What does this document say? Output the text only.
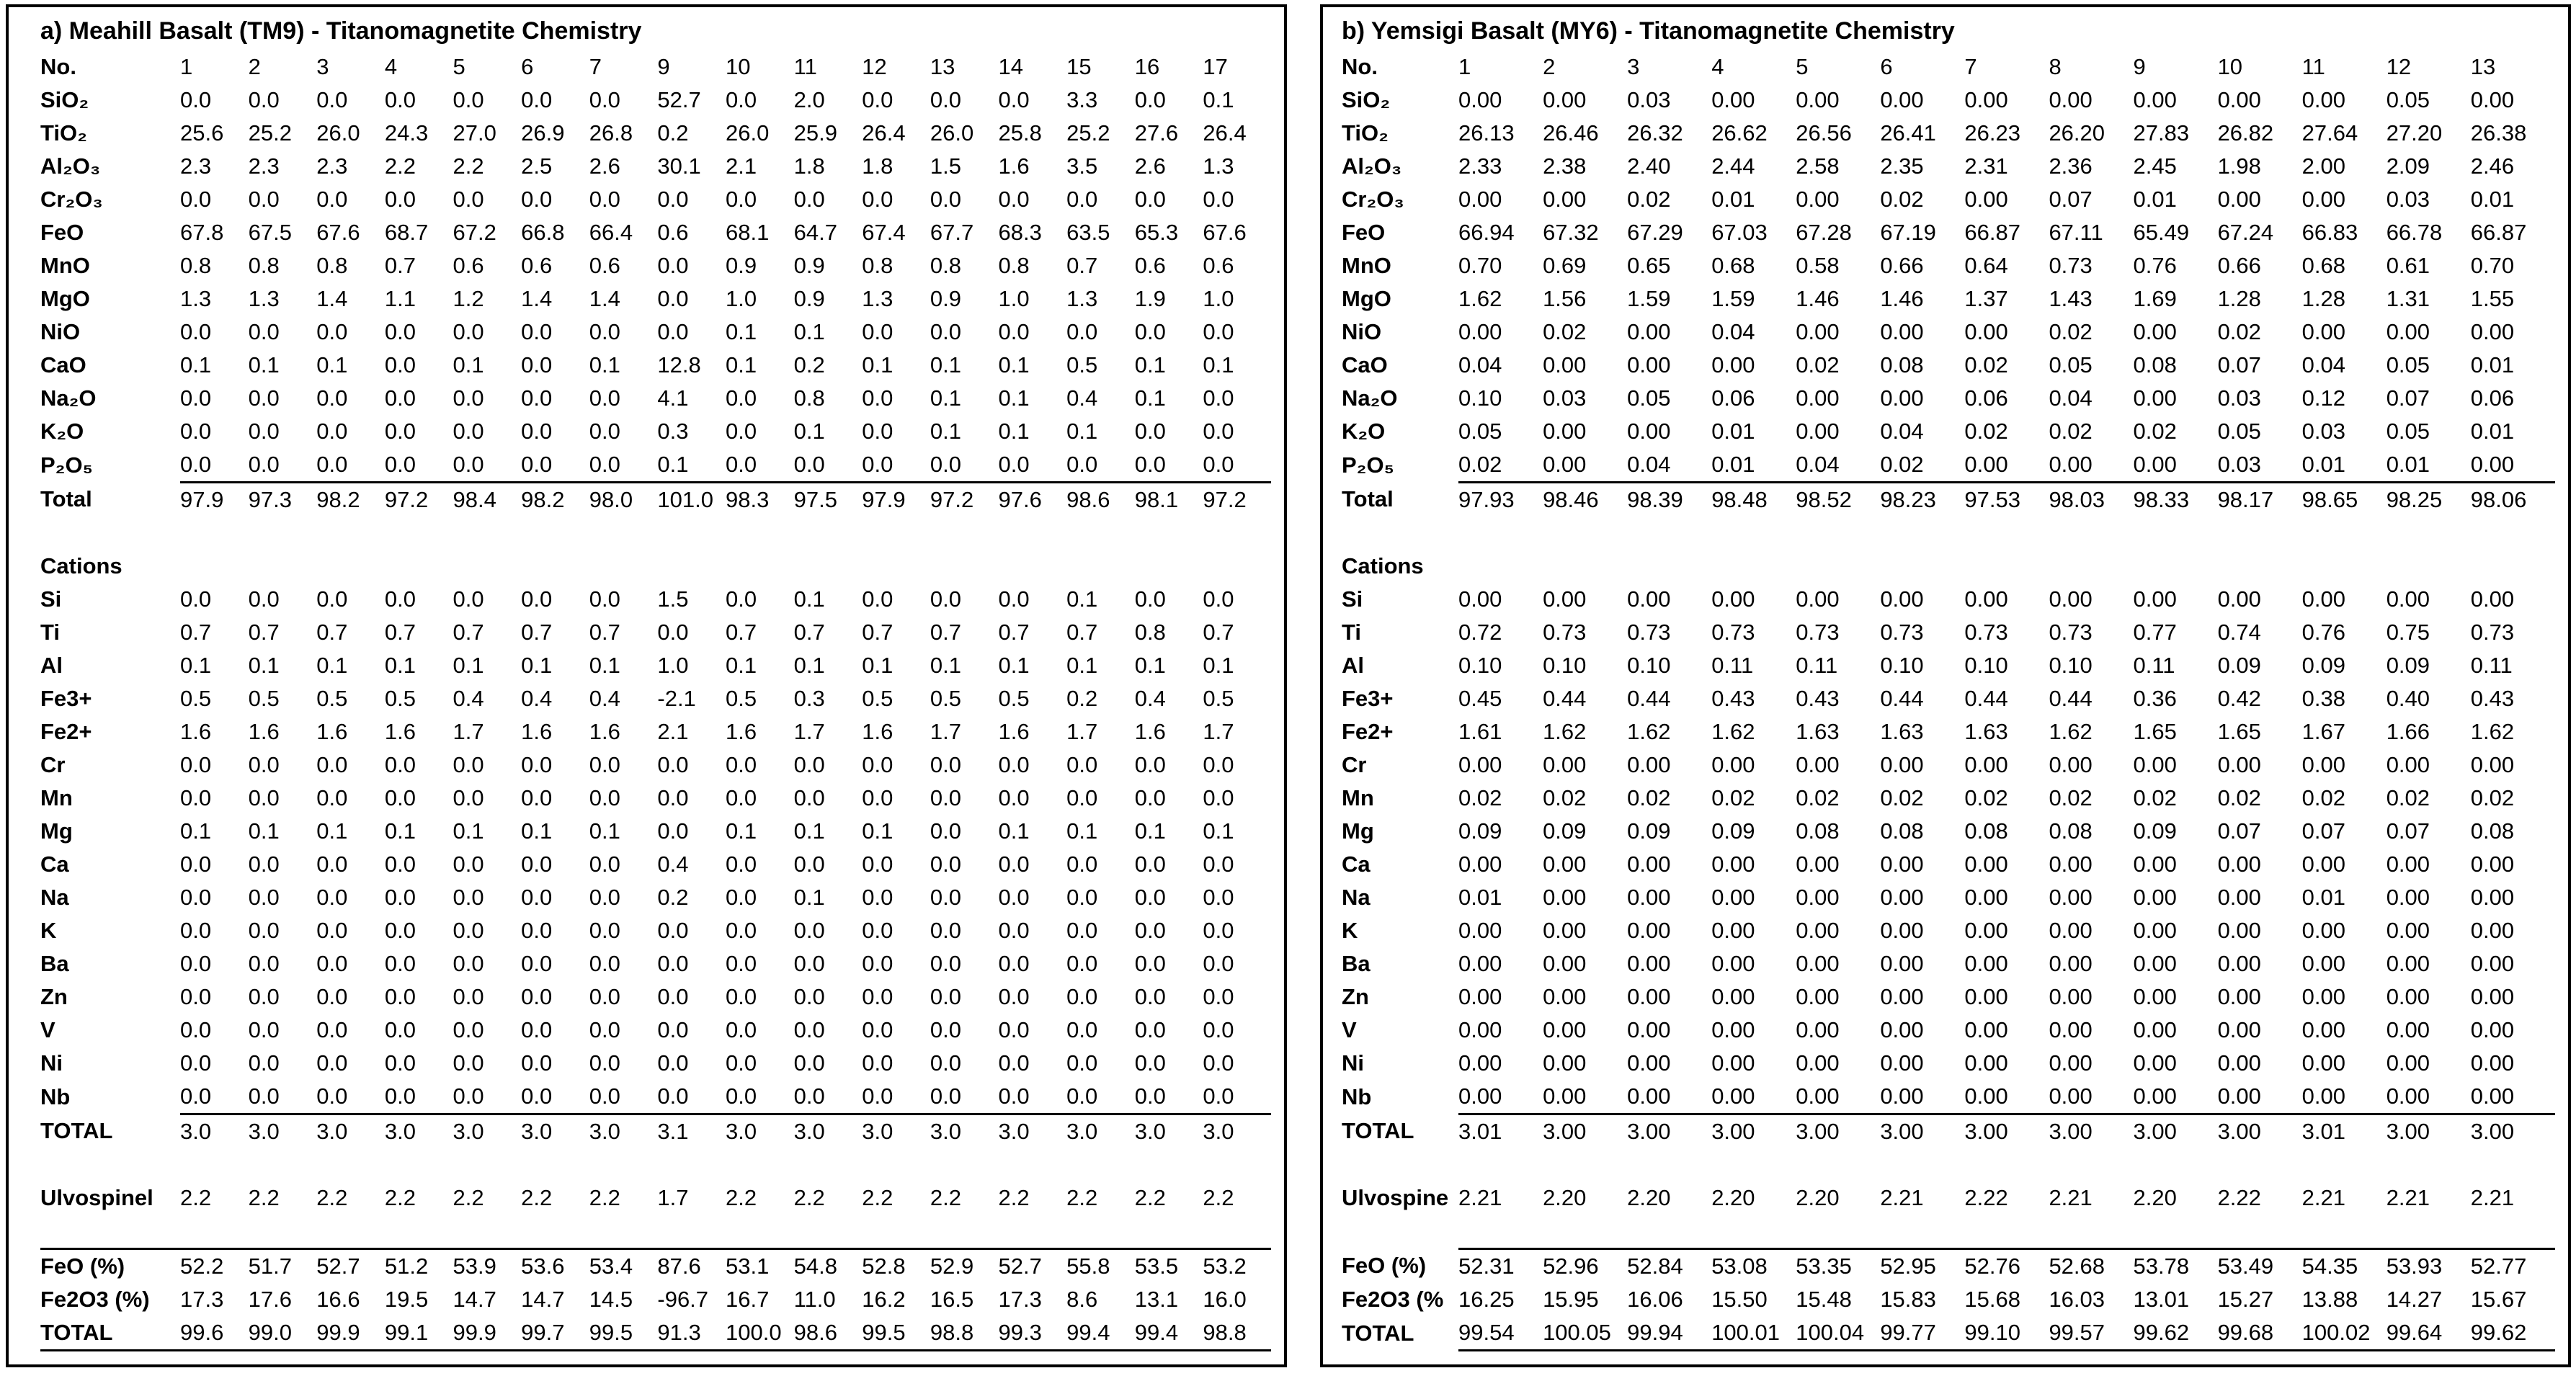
a) Meahill Basalt (TM9) - Titanomagnetite Chemistry
No.	1	2	3	4	5	6	7	9	10	11	12	13	14	15	16	17
SiO₂	0.0	0.0	0.0	0.0	0.0	0.0	0.0	52.7	0.0	2.0	0.0	0.0	0.0	3.3	0.0	0.1
TiO₂	25.6	25.2	26.0	24.3	27.0	26.9	26.8	0.2	26.0	25.9	26.4	26.0	25.8	25.2	27.6	26.4
Al₂O₃	2.3	2.3	2.3	2.2	2.2	2.5	2.6	30.1	2.1	1.8	1.8	1.5	1.6	3.5	2.6	1.3
Cr₂O₃	0.0	0.0	0.0	0.0	0.0	0.0	0.0	0.0	0.0	0.0	0.0	0.0	0.0	0.0	0.0	0.0
FeO	67.8	67.5	67.6	68.7	67.2	66.8	66.4	0.6	68.1	64.7	67.4	67.7	68.3	63.5	65.3	67.6
MnO	0.8	0.8	0.8	0.7	0.6	0.6	0.6	0.0	0.9	0.9	0.8	0.8	0.8	0.7	0.6	0.6
MgO	1.3	1.3	1.4	1.1	1.2	1.4	1.4	0.0	1.0	0.9	1.3	0.9	1.0	1.3	1.9	1.0
NiO	0.0	0.0	0.0	0.0	0.0	0.0	0.0	0.0	0.1	0.1	0.0	0.0	0.0	0.0	0.0	0.0
CaO	0.1	0.1	0.1	0.0	0.1	0.0	0.1	12.8	0.1	0.2	0.1	0.1	0.1	0.5	0.1	0.1
Na₂O	0.0	0.0	0.0	0.0	0.0	0.0	0.0	4.1	0.0	0.8	0.0	0.1	0.1	0.4	0.1	0.0
K₂O	0.0	0.0	0.0	0.0	0.0	0.0	0.0	0.3	0.0	0.1	0.0	0.1	0.1	0.1	0.0	0.0
P₂O₅	0.0	0.0	0.0	0.0	0.0	0.0	0.0	0.1	0.0	0.0	0.0	0.0	0.0	0.0	0.0	0.0
Total	97.9	97.3	98.2	97.2	98.4	98.2	98.0	101.0	98.3	97.5	97.9	97.2	97.6	98.6	98.1	97.2

Cations																
Si	0.0	0.0	0.0	0.0	0.0	0.0	0.0	1.5	0.0	0.1	0.0	0.0	0.0	0.1	0.0	0.0
Ti	0.7	0.7	0.7	0.7	0.7	0.7	0.7	0.0	0.7	0.7	0.7	0.7	0.7	0.7	0.8	0.7
Al	0.1	0.1	0.1	0.1	0.1	0.1	0.1	1.0	0.1	0.1	0.1	0.1	0.1	0.1	0.1	0.1
Fe3+	0.5	0.5	0.5	0.5	0.4	0.4	0.4	-2.1	0.5	0.3	0.5	0.5	0.5	0.2	0.4	0.5
Fe2+	1.6	1.6	1.6	1.6	1.7	1.6	1.6	2.1	1.6	1.7	1.6	1.7	1.6	1.7	1.6	1.7
Cr	0.0	0.0	0.0	0.0	0.0	0.0	0.0	0.0	0.0	0.0	0.0	0.0	0.0	0.0	0.0	0.0
Mn	0.0	0.0	0.0	0.0	0.0	0.0	0.0	0.0	0.0	0.0	0.0	0.0	0.0	0.0	0.0	0.0
Mg	0.1	0.1	0.1	0.1	0.1	0.1	0.1	0.0	0.1	0.1	0.1	0.0	0.1	0.1	0.1	0.1
Ca	0.0	0.0	0.0	0.0	0.0	0.0	0.0	0.4	0.0	0.0	0.0	0.0	0.0	0.0	0.0	0.0
Na	0.0	0.0	0.0	0.0	0.0	0.0	0.0	0.2	0.0	0.1	0.0	0.0	0.0	0.0	0.0	0.0
K	0.0	0.0	0.0	0.0	0.0	0.0	0.0	0.0	0.0	0.0	0.0	0.0	0.0	0.0	0.0	0.0
Ba	0.0	0.0	0.0	0.0	0.0	0.0	0.0	0.0	0.0	0.0	0.0	0.0	0.0	0.0	0.0	0.0
Zn	0.0	0.0	0.0	0.0	0.0	0.0	0.0	0.0	0.0	0.0	0.0	0.0	0.0	0.0	0.0	0.0
V	0.0	0.0	0.0	0.0	0.0	0.0	0.0	0.0	0.0	0.0	0.0	0.0	0.0	0.0	0.0	0.0
Ni	0.0	0.0	0.0	0.0	0.0	0.0	0.0	0.0	0.0	0.0	0.0	0.0	0.0	0.0	0.0	0.0
Nb	0.0	0.0	0.0	0.0	0.0	0.0	0.0	0.0	0.0	0.0	0.0	0.0	0.0	0.0	0.0	0.0
TOTAL	3.0	3.0	3.0	3.0	3.0	3.0	3.0	3.1	3.0	3.0	3.0	3.0	3.0	3.0	3.0	3.0

Ulvospinel	2.2	2.2	2.2	2.2	2.2	2.2	2.2	1.7	2.2	2.2	2.2	2.2	2.2	2.2	2.2	2.2

FeO (%)	52.2	51.7	52.7	51.2	53.9	53.6	53.4	87.6	53.1	54.8	52.8	52.9	52.7	55.8	53.5	53.2
Fe2O3 (%)	17.3	17.6	16.6	19.5	14.7	14.7	14.5	-96.7	16.7	11.0	16.2	16.5	17.3	8.6	13.1	16.0
TOTAL	99.6	99.0	99.9	99.1	99.9	99.7	99.5	91.3	100.0	98.6	99.5	98.8	99.3	99.4	99.4	98.8
b) Yemsigi Basalt (MY6) - Titanomagnetite Chemistry
No.	1	2	3	4	5	6	7	8	9	10	11	12	13
SiO₂	0.00	0.00	0.03	0.00	0.00	0.00	0.00	0.00	0.00	0.00	0.00	0.05	0.00
TiO₂	26.13	26.46	26.32	26.62	26.56	26.41	26.23	26.20	27.83	26.82	27.64	27.20	26.38
Al₂O₃	2.33	2.38	2.40	2.44	2.58	2.35	2.31	2.36	2.45	1.98	2.00	2.09	2.46
Cr₂O₃	0.00	0.00	0.02	0.01	0.00	0.02	0.00	0.07	0.01	0.00	0.00	0.03	0.01
FeO	66.94	67.32	67.29	67.03	67.28	67.19	66.87	67.11	65.49	67.24	66.83	66.78	66.87
MnO	0.70	0.69	0.65	0.68	0.58	0.66	0.64	0.73	0.76	0.66	0.68	0.61	0.70
MgO	1.62	1.56	1.59	1.59	1.46	1.46	1.37	1.43	1.69	1.28	1.28	1.31	1.55
NiO	0.00	0.02	0.00	0.04	0.00	0.00	0.00	0.02	0.00	0.02	0.00	0.00	0.00
CaO	0.04	0.00	0.00	0.00	0.02	0.08	0.02	0.05	0.08	0.07	0.04	0.05	0.01
Na₂O	0.10	0.03	0.05	0.06	0.00	0.00	0.06	0.04	0.00	0.03	0.12	0.07	0.06
K₂O	0.05	0.00	0.00	0.01	0.00	0.04	0.02	0.02	0.02	0.05	0.03	0.05	0.01
P₂O₅	0.02	0.00	0.04	0.01	0.04	0.02	0.00	0.00	0.00	0.03	0.01	0.01	0.00
Total	97.93	98.46	98.39	98.48	98.52	98.23	97.53	98.03	98.33	98.17	98.65	98.25	98.06

Cations													
Si	0.00	0.00	0.00	0.00	0.00	0.00	0.00	0.00	0.00	0.00	0.00	0.00	0.00
Ti	0.72	0.73	0.73	0.73	0.73	0.73	0.73	0.73	0.77	0.74	0.76	0.75	0.73
Al	0.10	0.10	0.10	0.11	0.11	0.10	0.10	0.10	0.11	0.09	0.09	0.09	0.11
Fe3+	0.45	0.44	0.44	0.43	0.43	0.44	0.44	0.44	0.36	0.42	0.38	0.40	0.43
Fe2+	1.61	1.62	1.62	1.62	1.63	1.63	1.63	1.62	1.65	1.65	1.67	1.66	1.62
Cr	0.00	0.00	0.00	0.00	0.00	0.00	0.00	0.00	0.00	0.00	0.00	0.00	0.00
Mn	0.02	0.02	0.02	0.02	0.02	0.02	0.02	0.02	0.02	0.02	0.02	0.02	0.02
Mg	0.09	0.09	0.09	0.09	0.08	0.08	0.08	0.08	0.09	0.07	0.07	0.07	0.08
Ca	0.00	0.00	0.00	0.00	0.00	0.00	0.00	0.00	0.00	0.00	0.00	0.00	0.00
Na	0.01	0.00	0.00	0.00	0.00	0.00	0.00	0.00	0.00	0.00	0.01	0.00	0.00
K	0.00	0.00	0.00	0.00	0.00	0.00	0.00	0.00	0.00	0.00	0.00	0.00	0.00
Ba	0.00	0.00	0.00	0.00	0.00	0.00	0.00	0.00	0.00	0.00	0.00	0.00	0.00
Zn	0.00	0.00	0.00	0.00	0.00	0.00	0.00	0.00	0.00	0.00	0.00	0.00	0.00
V	0.00	0.00	0.00	0.00	0.00	0.00	0.00	0.00	0.00	0.00	0.00	0.00	0.00
Ni	0.00	0.00	0.00	0.00	0.00	0.00	0.00	0.00	0.00	0.00	0.00	0.00	0.00
Nb	0.00	0.00	0.00	0.00	0.00	0.00	0.00	0.00	0.00	0.00	0.00	0.00	0.00
TOTAL	3.01	3.00	3.00	3.00	3.00	3.00	3.00	3.00	3.00	3.00	3.01	3.00	3.00

Ulvospine	2.21	2.20	2.20	2.20	2.20	2.21	2.22	2.21	2.20	2.22	2.21	2.21	2.21

FeO (%)	52.31	52.96	52.84	53.08	53.35	52.95	52.76	52.68	53.78	53.49	54.35	53.93	52.77
Fe2O3 (%	16.25	15.95	16.06	15.50	15.48	15.83	15.68	16.03	13.01	15.27	13.88	14.27	15.67
TOTAL	99.54	100.05	99.94	100.01	100.04	99.77	99.10	99.57	99.62	99.68	100.02	99.64	99.62
